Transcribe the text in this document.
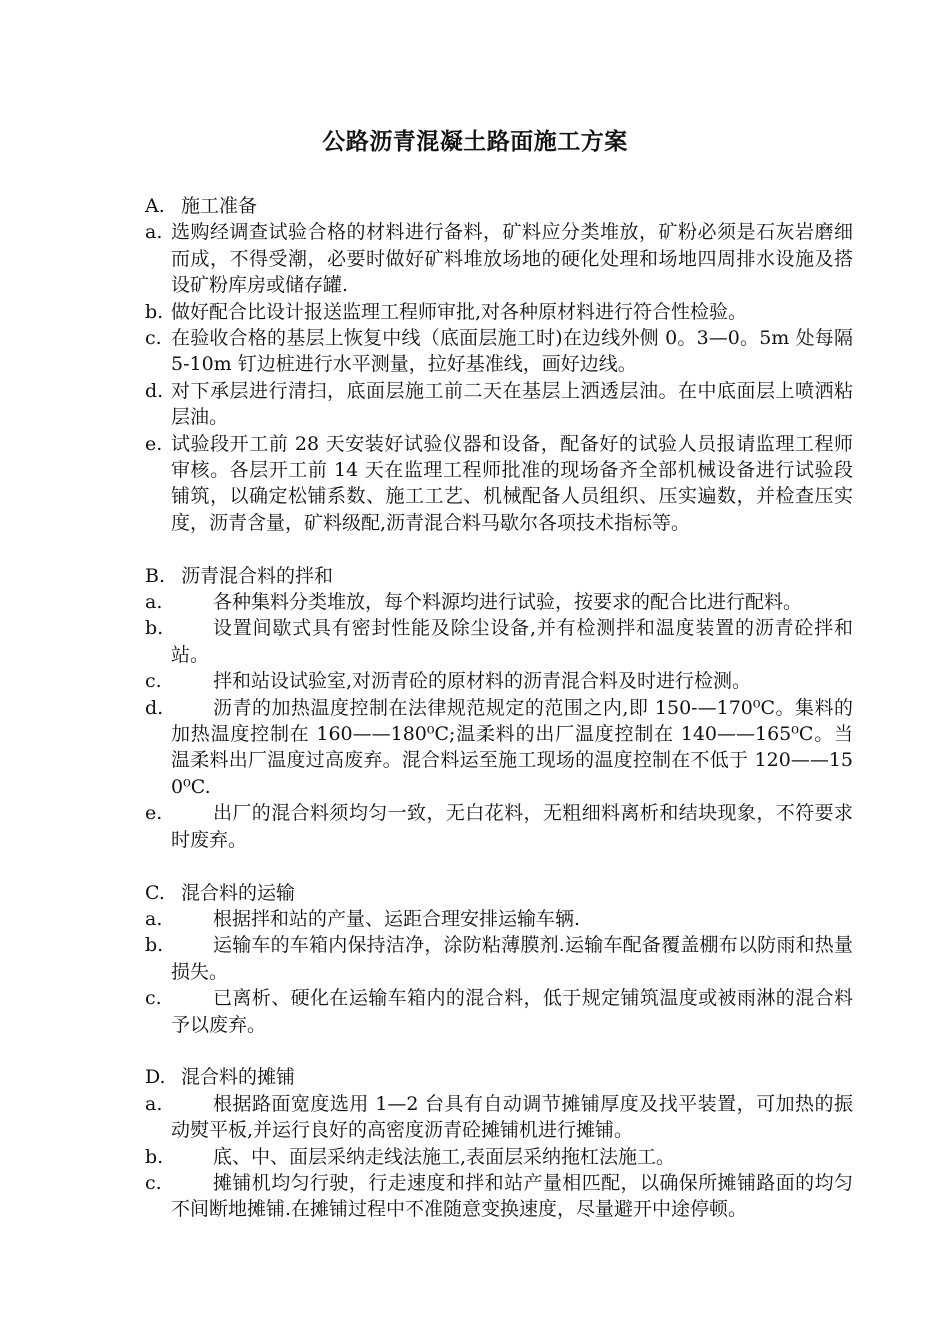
公路沥青混凝土路面施工方案
A. 施工准备
a. 选购经调查试验合格的材料进行备料，矿料应分类堆放，矿粉必须是石灰岩磨细而成，不得受潮，必要时做好矿料堆放场地的硬化处理和场地四周排水设施及搭设矿粉库房或储存罐.
b. 做好配合比设计报送监理工程师审批,对各种原材料进行符合性检验。
c. 在验收合格的基层上恢复中线（底面层施工时)在边线外侧 0。3—0。5m 处每隔 5-10m 钉边桩进行水平测量，拉好基准线，画好边线。
d. 对下承层进行清扫，底面层施工前二天在基层上洒透层油。在中底面层上喷洒粘层油。
e. 试验段开工前 28 天安装好试验仪器和设备，配备好的试验人员报请监理工程师审核。各层开工前 14 天在监理工程师批准的现场备齐全部机械设备进行试验段铺筑，以确定松铺系数、施工工艺、机械配备人员组织、压实遍数，并检查压实度，沥青含量，矿料级配,沥青混合料马歇尔各项技术指标等。
B. 沥青混合料的拌和
a.	各种集料分类堆放，每个料源均进行试验，按要求的配合比进行配料。
b.	设置间歇式具有密封性能及除尘设备,并有检测拌和温度装置的沥青砼拌和站。
c.	拌和站设试验室,对沥青砼的原材料的沥青混合料及时进行检测。
d.	沥青的加热温度控制在法律规范规定的范围之内,即 150-—170⁰C。集料的加热温度控制在 160——180⁰C;温柔料的出厂温度控制在 140——165⁰C。当温柔料出厂温度过高废弃。混合料运至施工现场的温度控制在不低于 120——150⁰C.
e.	出厂的混合料须均匀一致，无白花料，无粗细料离析和结块现象，不符要求时废弃。
C. 混合料的运输
a.	根据拌和站的产量、运距合理安排运输车辆.
b.	运输车的车箱内保持洁净，涂防粘薄膜剂.运输车配备覆盖棚布以防雨和热量损失。
c.	已离析、硬化在运输车箱内的混合料，低于规定铺筑温度或被雨淋的混合料予以废弃。
D. 混合料的摊铺
a.	根据路面宽度选用 1—2 台具有自动调节摊铺厚度及找平装置，可加热的振动熨平板,并运行良好的高密度沥青砼摊铺机进行摊铺。
b.	底、中、面层采纳走线法施工,表面层采纳拖杠法施工。
c.	摊铺机均匀行驶，行走速度和拌和站产量相匹配，以确保所摊铺路面的均匀不间断地摊铺.在摊铺过程中不准随意变换速度，尽量避开中途停顿。
